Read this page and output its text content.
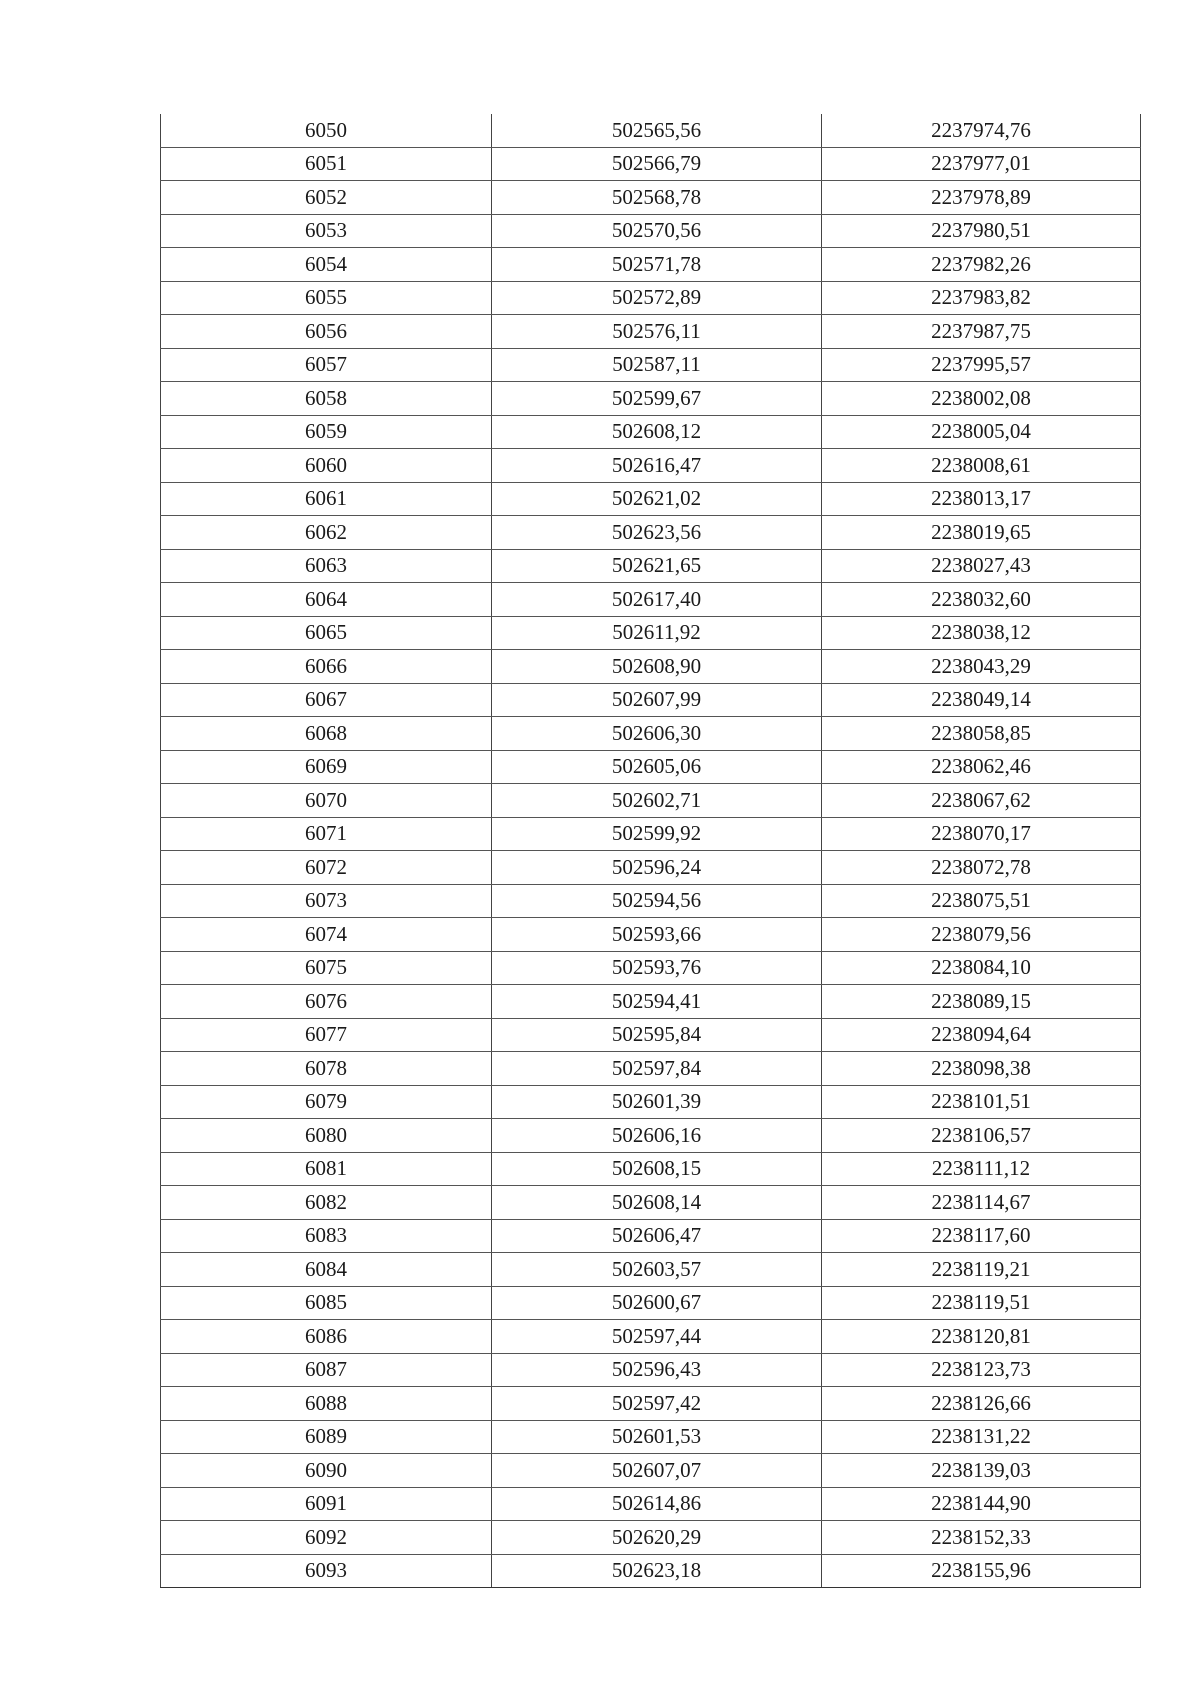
6050	502565,56	2237974,76
6051	502566,79	2237977,01
6052	502568,78	2237978,89
6053	502570,56	2237980,51
6054	502571,78	2237982,26
6055	502572,89	2237983,82
6056	502576,11	2237987,75
6057	502587,11	2237995,57
6058	502599,67	2238002,08
6059	502608,12	2238005,04
6060	502616,47	2238008,61
6061	502621,02	2238013,17
6062	502623,56	2238019,65
6063	502621,65	2238027,43
6064	502617,40	2238032,60
6065	502611,92	2238038,12
6066	502608,90	2238043,29
6067	502607,99	2238049,14
6068	502606,30	2238058,85
6069	502605,06	2238062,46
6070	502602,71	2238067,62
6071	502599,92	2238070,17
6072	502596,24	2238072,78
6073	502594,56	2238075,51
6074	502593,66	2238079,56
6075	502593,76	2238084,10
6076	502594,41	2238089,15
6077	502595,84	2238094,64
6078	502597,84	2238098,38
6079	502601,39	2238101,51
6080	502606,16	2238106,57
6081	502608,15	2238111,12
6082	502608,14	2238114,67
6083	502606,47	2238117,60
6084	502603,57	2238119,21
6085	502600,67	2238119,51
6086	502597,44	2238120,81
6087	502596,43	2238123,73
6088	502597,42	2238126,66
6089	502601,53	2238131,22
6090	502607,07	2238139,03
6091	502614,86	2238144,90
6092	502620,29	2238152,33
6093	502623,18	2238155,96
